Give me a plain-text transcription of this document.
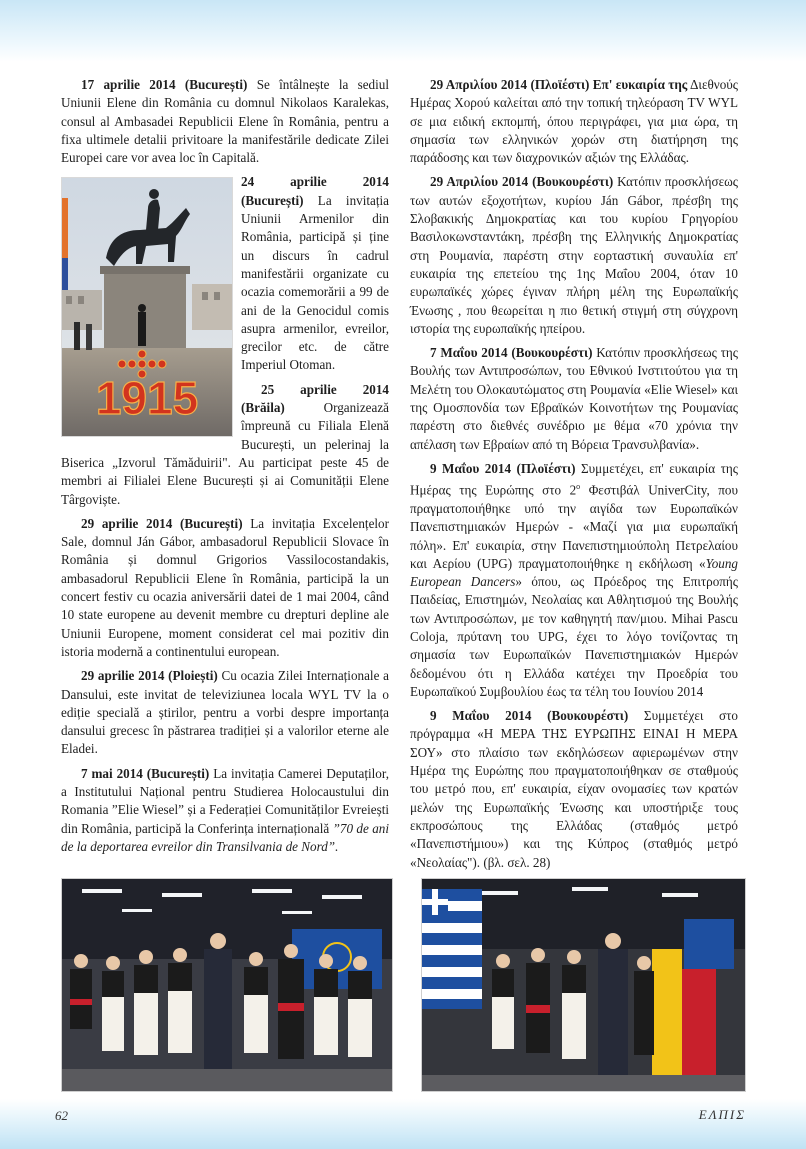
17 aprilie 2014 (București) Se întâlnește la sediul Uniunii Elene din România cu domnul Nikolaos Karalekas, consul al Ambasadei Republicii Elene în România, pentru a fixa ultimele detalii privitoare la manifestările dedicate Zilei Europei care vor avea loc în Capitală.

1915

24 aprilie 2014 (București) La invitația Uniunii Armenilor din România, participă și ține un discurs în cadrul manifestării organizate cu ocazia comemorării a 99 de ani de la Genocidul comis asupra armenilor, evreilor, grecilor etc. de către Imperiul Otoman.

25 aprilie 2014 (Brăila) Organizează împreună cu Filiala Elenă București, un pelerinaj la Biserica „Izvorul Tămăduirii". Au participat peste 45 de membri ai Filialei Elene București și ai Comunității Elene Târgoviște.

29 aprilie 2014 (București) La invitația Excelențelor Sale, domnul Ján Gábor, ambasadorul Republicii Slovace în România și domnul Grigorios Vassilocostandakis, ambasadorul Republicii Elene în România, participă la un concert festiv cu ocazia aniversării datei de 1 mai 2004, când 10 state europene au devenit membre cu drepturi depline ale Uniunii Europene, moment considerat cel mai pozitiv din istoria modernă a continentului european.

29 aprilie 2014 (Ploiești) Cu ocazia Zilei Internaționale a Dansului, este invitat de televiziunea locala WYL TV la o ediție specială a știrilor, pentru a vorbi despre importanța dansului grecesc în păstrarea tradiției și a valorilor eterne ale Eladei.

7 mai 2014 (București) La invitația Camerei Deputaților, a Institutului Național pentru Studierea Holocaustului din Romania ”Elie Wiesel” și a Federației Comunităților Evreiești din România, participă la Conferința internațională ”70 de ani de la deportarea evreilor din Transilvania de Nord”.

29 Απριλίου 2014 (Πλοϊέστι) Επ' ευκαιρία της Διεθνούς Ημέρας Χορού καλείται από την τοπική τηλεόραση TV WYL σε μια ειδική εκπομπή, όπου περιγράφει, για μια ώρα, τη σημασία των ελληνικών χορών στη διατήρηση της παράδοσης και των διαχρονικών αξιών της Ελλάδας.

29 Απριλίου 2014 (Βουκουρέστι) Κατόπιν προσκλήσεως των αυτών εξοχοτήτων, κυρίου Ján Gábor, πρέσβη της Σλοβακικής Δημοκρατίας και του κυρίου Γρηγορίου Βασιλοκωνσταντάκη, πρέσβη της Ελληνικής Δημοκρατίας στη Ρουμανία, παρέστη στην εορταστική συναυλία επ' ευκαιρία της επετείου της 1ης Μαΐου 2004, όταν 10 ευρωπαϊκές χώρες έγιναν πλήρη μέλη της Ευρωπαϊκής Ένωσης , που θεωρείται η πιο θετική στιγμή στη σύγχρονη ιστορία της ευρωπαϊκής ηπείρου.

7 Μαΐου 2014 (Βουκουρέστι) Κατόπιν προσκλήσεως της Βουλής των Αντιπροσώπων, του Εθνικού Ινστιτούτου για τη Μελέτη του Ολοκαυτώματος στη Ρουμανία «Elie Wiesel» και της Ομοσπονδία των Εβραϊκών Κοινοτήτων της Ρουμανίας παρέστη στο διεθνές συνέδριο με θέμα «70 χρόνια την απέλαση των Εβραίων από τη Βόρεια Τρανσυλβανία».

9 Μαΐου 2014 (Πλοϊέστι) Συμμετέχει, επ' ευκαιρία της Ημέρας της Ευρώπης στο $2^o$ Φεστιβάλ UniverCity, που πραγματοποιήθηκε υπό την αιγίδα των Ευρωπαϊκών Πανεπιστημιακών Ημερών - «Μαζί για μια ευρωπαϊκή πόλη». Επ' ευκαιρία, στην Πανεπιστημιούπολη Πετρελαίου και Αερίου (UPG) πραγματοποιήθηκε η εκδήλωση «Young European Dancers» όπου, ως Πρόεδρος της Επιτροπής Παιδείας, Επιστημών, Νεολαίας και Αθλητισμού της Βουλής των Αντιπροσώπων, με τον καθηγητή παν/μιου. Mihai Pascu Coloja, πρύτανη του UPG, έχει το λόγο τονίζοντας τη σημασία των Ευρωπαϊκών Πανεπιστημιακών Ημερών δεδομένου ότι η Ελλάδα κατέχει την Προεδρία του Ευρωπαϊκού Συμβουλίου έως τα τέλη του Ιουνίου 2014

9 Μαΐου 2014 (Βουκουρέστι) Συμμετέχει στο πρόγραμμα «Η ΜΕΡΑ ΤΗΣ ΕΥΡΩΠΗΣ ΕΙΝΑΙ Η ΜΕΡΑ ΣΟΥ» στο πλαίσιο των εκδηλώσεων αφιερωμένων στην Ημέρα της Ευρώπης που πραγματοποιήθηκαν σε σταθμούς του μετρό που, επ' ευκαιρία, είχαν ονομασίες των κρατών μελών της Ευρωπαϊκής Ένωσης και υποστήριξε τους εκπροσώπους της Ελλάδας (σταθμός μετρό «Πανεπιστήμιου») και της Κύπρος (σταθμός μετρό «Νεολαίας"). (βλ. σελ. 28)

62	ΕΛΠΙΣ
